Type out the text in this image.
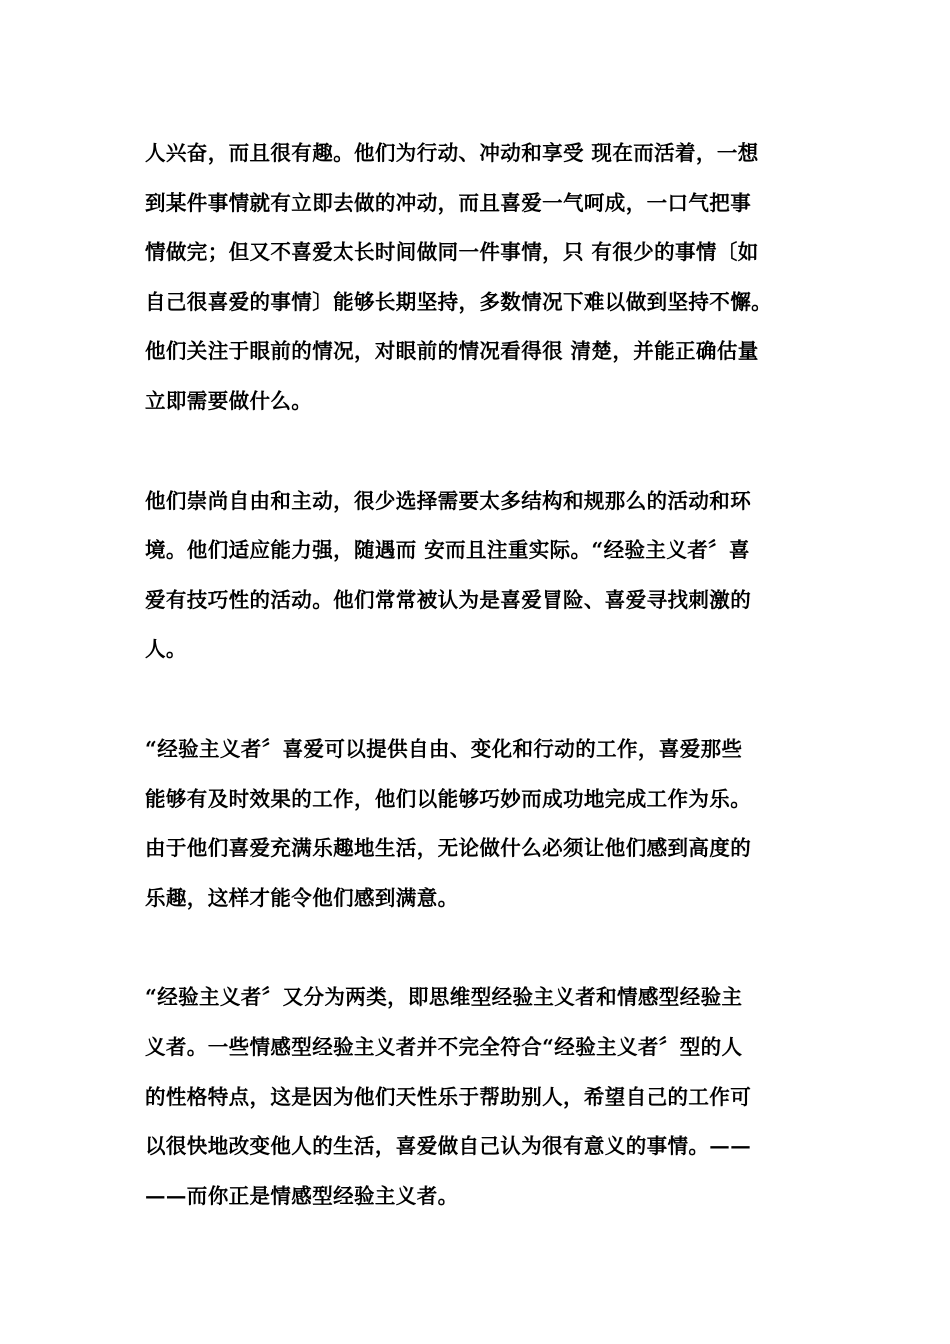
人兴奋，而且很有趣。他们为行动、冲动和享受 现在而活着，一想
到某件事情就有立即去做的冲动，而且喜爱一气呵成，一口气把事
情做完；但又不喜爱太长时间做同一件事情，只 有很少的事情〔如
自己很喜爱的事情〕能够长期坚持，多数情况下难以做到坚持不懈。
他们关注于眼前的情况，对眼前的情况看得很 清楚，并能正确估量
立即需要做什么。

他们崇尚自由和主动，很少选择需要太多结构和规那么的活动和环
境。他们适应能力强，随遇而 安而且注重实际。“经验主义者〞喜
爱有技巧性的活动。他们常常被认为是喜爱冒险、喜爱寻找刺激的
人。

“经验主义者〞喜爱可以提供自由、变化和行动的工作，喜爱那些
能够有及时效果的工作，他们以能够巧妙而成功地完成工作为乐。
由于他们喜爱充满乐趣地生活，无论做什么必须让他们感到高度的
乐趣，这样才能令他们感到满意。

“经验主义者〞又分为两类，即思维型经验主义者和情感型经验主
义者。一些情感型经验主义者并不完全符合“经验主义者〞型的人
的性格特点，这是因为他们天性乐于帮助别人，希望自己的工作可
以很快地改变他人的生活，喜爱做自己认为很有意义的事情。——
——而你正是情感型经验主义者。
